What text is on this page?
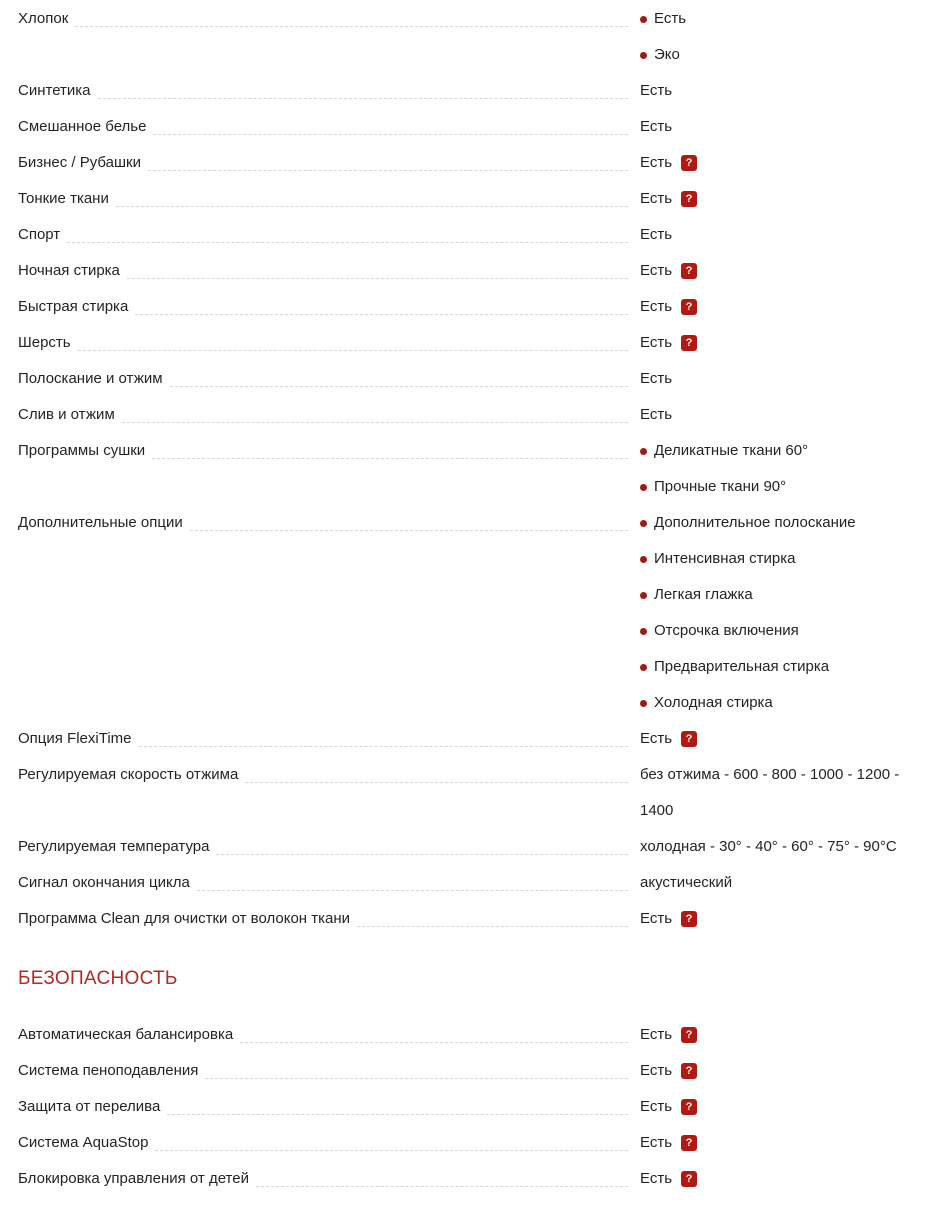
Хлопок	Есть
Эко
Синтетика	Есть
Смешанное белье	Есть
Бизнес / Рубашки	Есть	?
Тонкие ткани	Есть	?
Спорт	Есть
Ночная стирка	Есть	?
Быстрая стирка	Есть	?
Шерсть	Есть	?
Полоскание и отжим	Есть
Слив и отжим	Есть
Программы сушки	Деликатные ткани 60°
Прочные ткани 90°
Дополнительные опции	Дополнительное полоскание
Интенсивная стирка
Легкая глажка
Отсрочка включения
Предварительная стирка
Холодная стирка
Опция FlexiTime	Есть	?
Регулируемая скорость отжима	без отжима - 600 - 800 - 1000 - 1200 - 1400
Регулируемая температура	холодная - 30° - 40° - 60° - 75° - 90°C
Сигнал окончания цикла	акустический
Программа Clean для очистки от волокон ткани	Есть	?
БЕЗОПАСНОСТЬ
Автоматическая балансировка	Есть	?
Система пеноподавления	Есть	?
Защита от перелива	Есть	?
Система AquaStop	Есть	?
Блокировка управления от детей	Есть	?
